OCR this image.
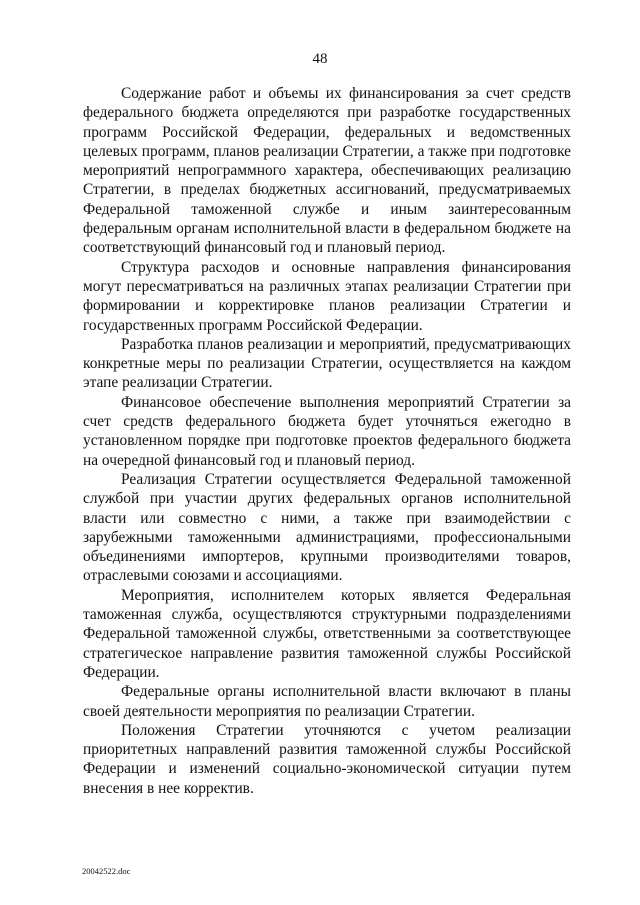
48

Содержание работ и объемы их финансирования за счет средств федерального бюджета определяются при разработке государственных программ Российской Федерации, федеральных и ведомственных целевых программ, планов реализации Стратегии, а также при подготовке мероприятий непрограммного характера, обеспечивающих реализацию Стратегии, в пределах бюджетных ассигнований, предусматриваемых Федеральной таможенной службе и иным заинтересованным федеральным органам исполнительной власти в федеральном бюджете на соответствующий финансовый год и плановый период.

Структура расходов и основные направления финансирования могут пересматриваться на различных этапах реализации Стратегии при формировании и корректировке планов реализации Стратегии и государственных программ Российской Федерации.

Разработка планов реализации и мероприятий, предусматривающих конкретные меры по реализации Стратегии, осуществляется на каждом этапе реализации Стратегии.

Финансовое обеспечение выполнения мероприятий Стратегии за счет средств федерального бюджета будет уточняться ежегодно в установленном порядке при подготовке проектов федерального бюджета на очередной финансовый год и плановый период.

Реализация Стратегии осуществляется Федеральной таможенной службой при участии других федеральных органов исполнительной власти или совместно с ними, а также при взаимодействии с зарубежными таможенными администрациями, профессиональными объединениями импортеров, крупными производителями товаров, отраслевыми союзами и ассоциациями.

Мероприятия, исполнителем которых является Федеральная таможенная служба, осуществляются структурными подразделениями Федеральной таможенной службы, ответственными за соответствующее стратегическое направление развития таможенной службы Российской Федерации.

Федеральные органы исполнительной власти включают в планы своей деятельности мероприятия по реализации Стратегии.

Положения Стратегии уточняются с учетом реализации приоритетных направлений развития таможенной службы Российской Федерации и изменений социально-экономической ситуации путем внесения в нее корректив.

20042522.doc
